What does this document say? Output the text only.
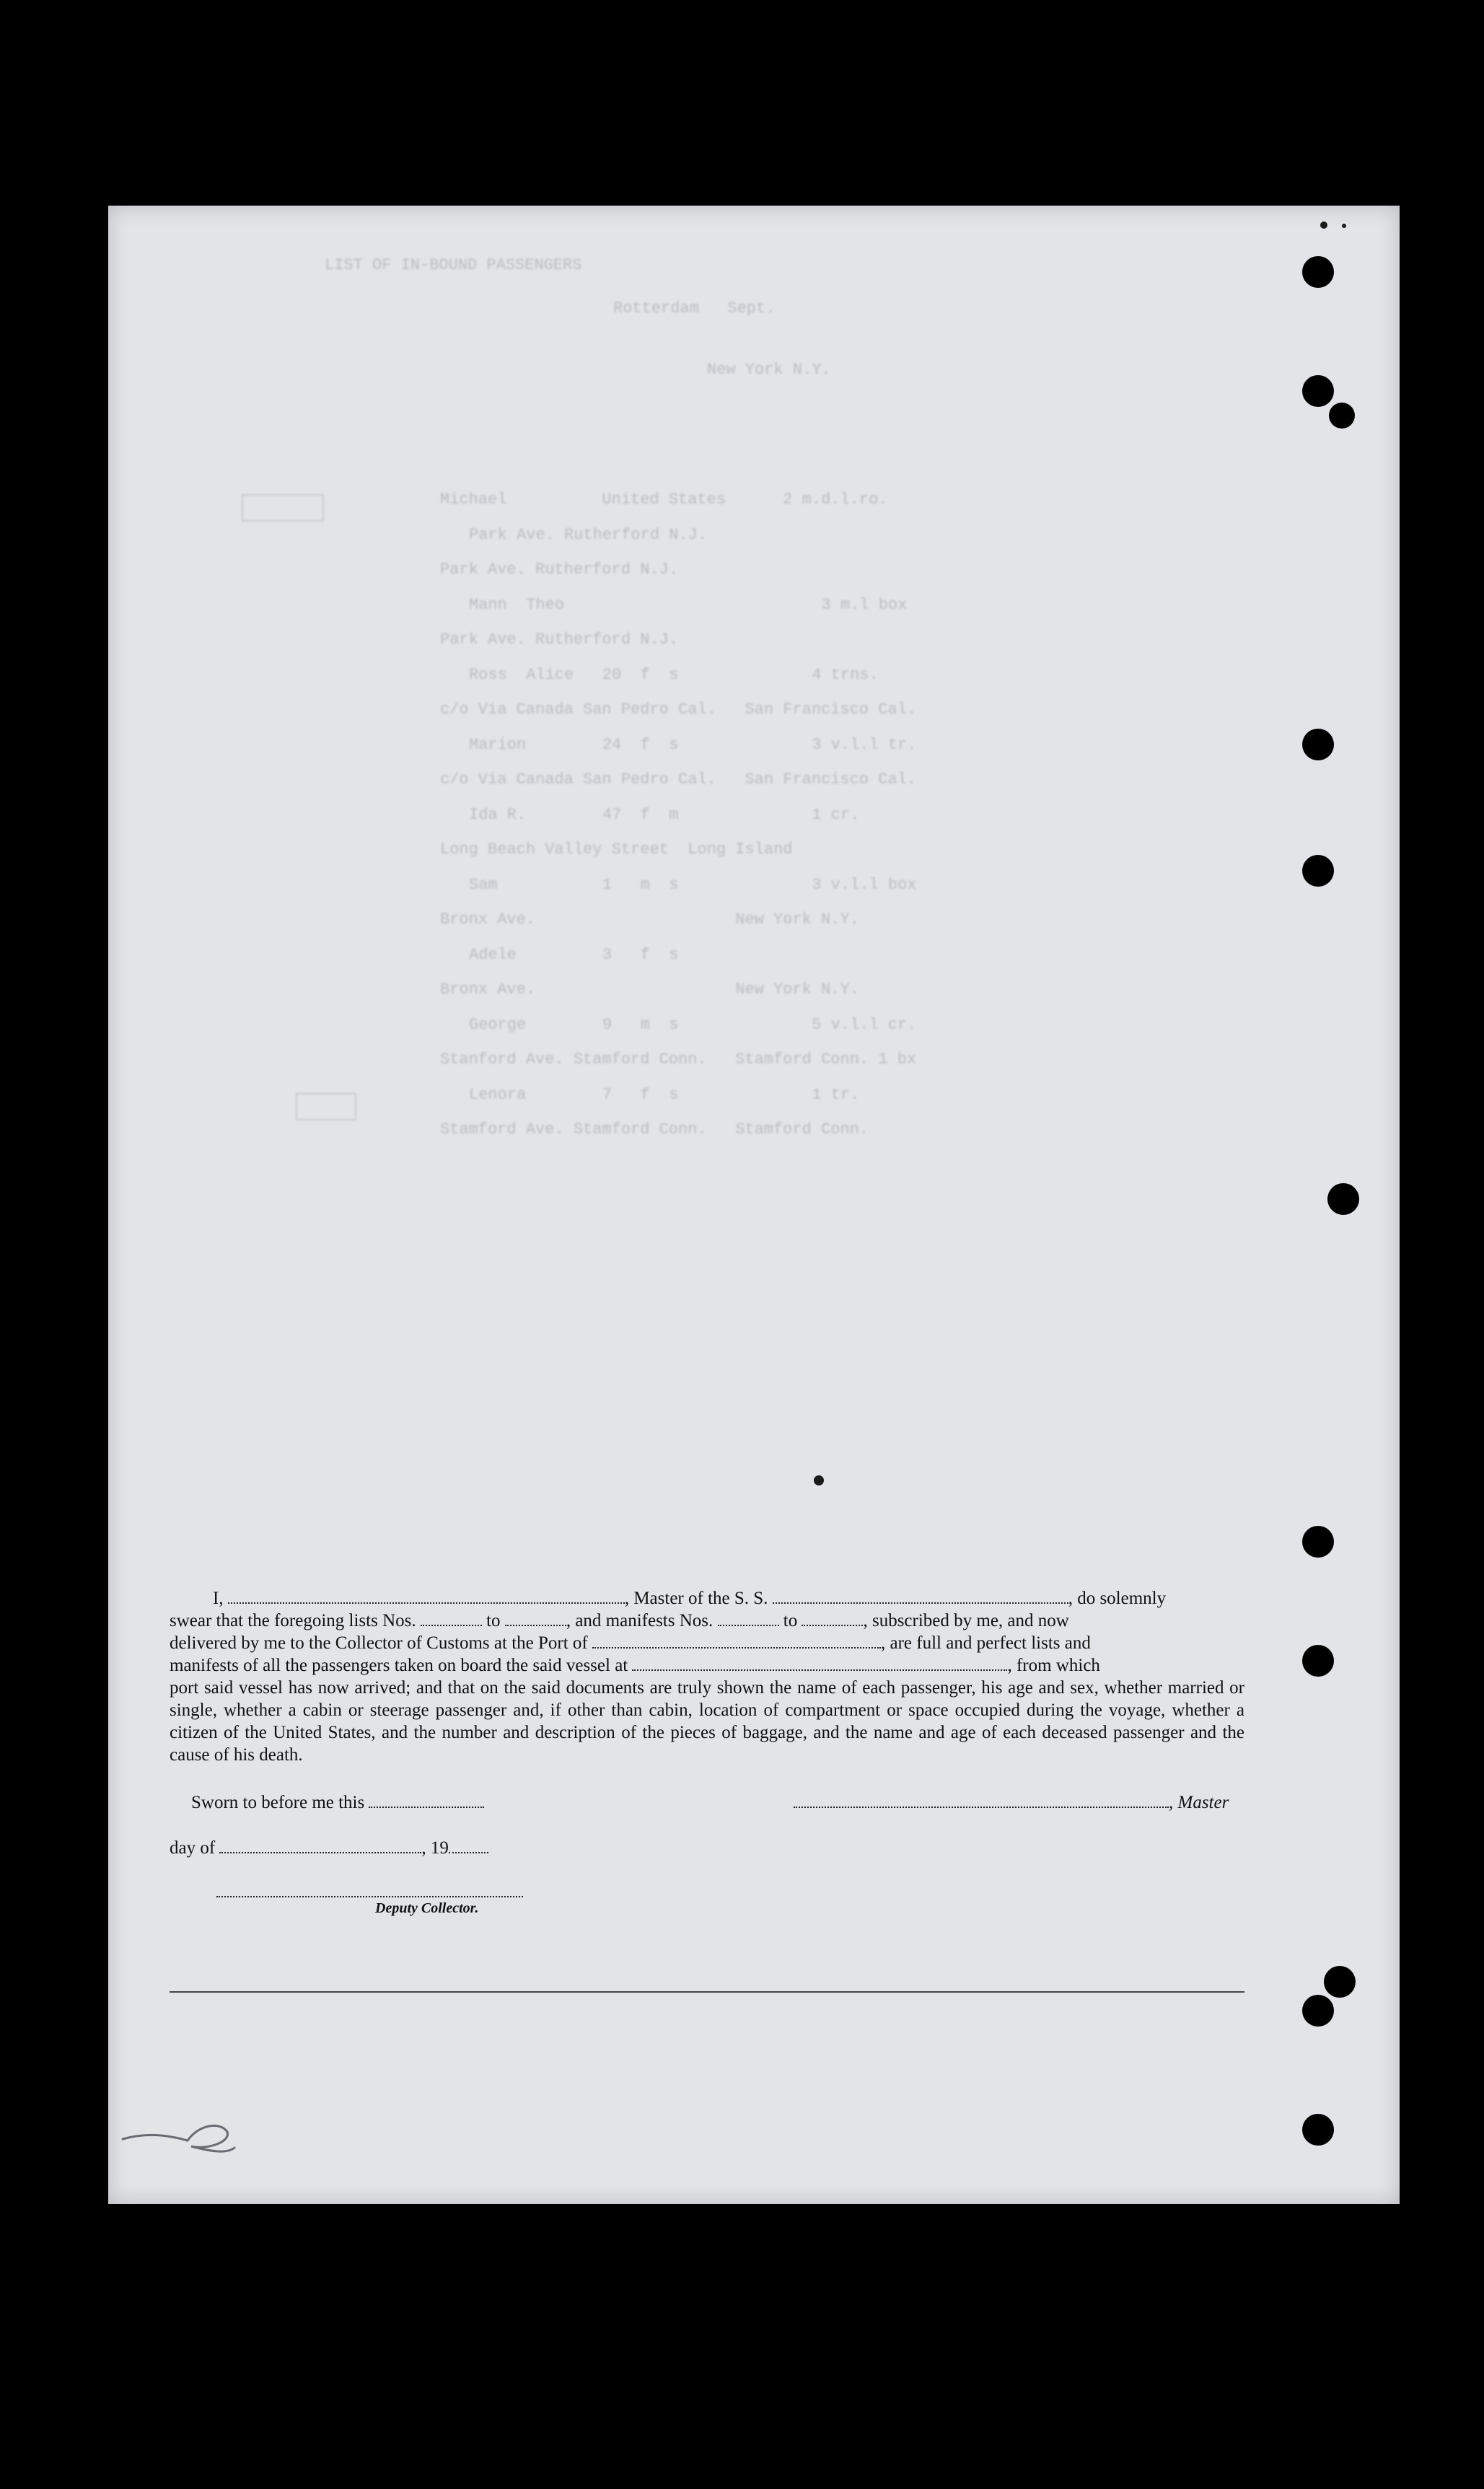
LIST OF IN-BOUND PASSENGERS
Rotterdam   Sept.
New York N.Y.
Michael          United States      2 m.d.l.ro.
Park Ave. Rutherford N.J.
Park Ave. Rutherford N.J.
Mann  Theo                           3 m.l box
Park Ave. Rutherford N.J.
Ross  Alice   20  f  s              4 trns.
c/o Via Canada San Pedro Cal.   San Francisco Cal.
Marion        24  f  s              3 v.l.l tr.
c/o Via Canada San Pedro Cal.   San Francisco Cal.
Ida R.        47  f  m              1 cr.
Long Beach Valley Street  Long Island
Sam           1   m  s              3 v.l.l box
Bronx Ave.                     New York N.Y.
Adele         3   f  s
Bronx Ave.                     New York N.Y.
George        9   m  s              5 v.l.l cr.
Stanford Ave. Stamford Conn.   Stamford Conn. 1 bx
Lenora        7   f  s              1 tr.
Stamford Ave. Stamford Conn.   Stamford Conn.

I,	, Master of the S. S.	, do solemnly

swear that the foregoing lists Nos.	to	, and manifests Nos.	to	, subscribed by me, and now

delivered by me to the Collector of Customs at the Port of	, are full and perfect lists and

manifests of all the passengers taken on board the said vessel at	, from which

port said vessel has now arrived; and that on the said documents are truly shown the name of each passenger, his age and sex, whether married or single, whether a cabin or steerage passenger and, if other than cabin, location of compartment or space occupied during the voyage, whether a citizen of the United States, and the number and description of the pieces of baggage, and the name and age of each deceased passenger and the cause of his death.

Sworn to before me this	, Master
day of	, 19
Deputy Collector.
